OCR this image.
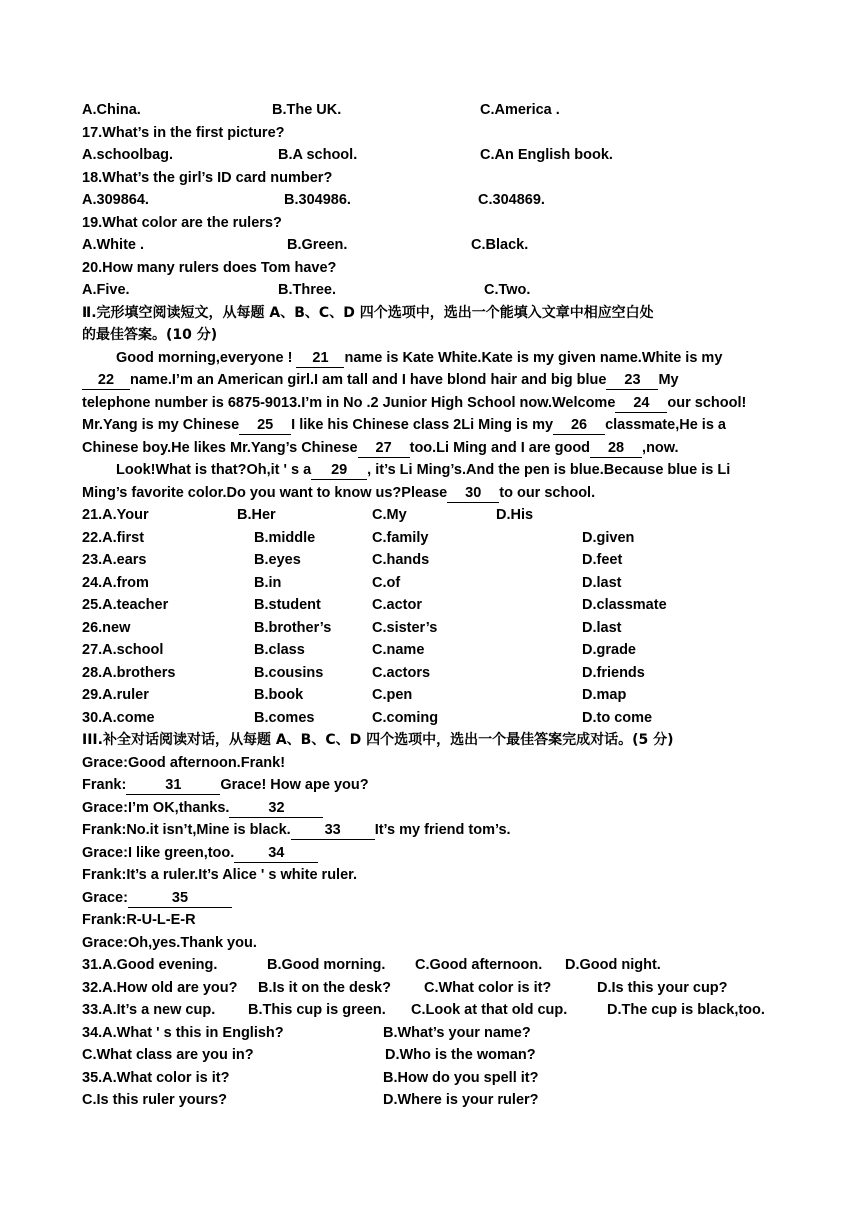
A.China.	B.The UK.	C.America .
17.What’s in the first picture?
A.schoolbag.	B.A school.	C.An English book.
18.What’s the girl’s ID card number?
A.309864.	B.304986.	C.304869.
19.What color are the rulers?
A.White .	B.Green.	C.Black.
20.How many rulers does Tom have?
A.Five.	B.Three.	C.Two.
Ⅱ.完形填空阅读短文，从每题 A、B、C、D 四个选项中，选出一个能填入文章中相应空白处
的最佳答案。(10 分)
Good morning,everyone ! 21 name is Kate White.Kate is my given name.White is my
22 name.I’m an American girl.I am tall and I have blond hair and big blue 23 My
telephone number is 6875-9013.I’m in No .2 Junior High School now.Welcome 24 our school!
Mr.Yang is my Chinese 25 I like his Chinese class 2Li Ming is my 26 classmate,He is a
Chinese boy.He likes Mr.Yang’s Chinese 27 too.Li Ming and I are good 28 ,now.
Look!What is that?Oh,it ' s a 29 , it’s Li Ming’s.And the pen is blue.Because blue is Li
Ming’s favorite color.Do you want to know us?Please 30 to our school.
21.A.Your	B.Her	C.My	D.His
22.A.first	B.middle	C.family	D.given
23.A.ears	B.eyes	C.hands	D.feet
24.A.from	B.in	C.of	D.last
25.A.teacher	B.student	C.actor	D.classmate
26.new	B.brother’s	C.sister’s	D.last
27.A.school	B.class	C.name	D.grade
28.A.brothers	B.cousins	C.actors	D.friends
29.A.ruler	B.book	C.pen	D.map
30.A.come	B.comes	C.coming	D.to come
III.补全对话阅读对话，从每题 A、B、C、D 四个选项中，选出一个最佳答案完成对话。(5 分)
Grace:Good afternoon.Frank!
Frank:	31	Grace! How ape you?
Grace:I’m OK,thanks.	32
Frank:No.it isn’t,Mine is black. 33 It’s my friend tom’s.
Grace:I like green,too. 34
Frank:It’s a ruler.It’s Alice ' s white ruler.
Grace:	35
Frank:R-U-L-E-R
Grace:Oh,yes.Thank you.
31.A.Good evening.	B.Good morning. C.Good afternoon. D.Good night.
32.A.How old are you? B.Is it on the desk? C.What color is it?	D.Is this your cup?
33.A.It’s a new cup. B.This cup is green. C.Look at that old cup.	D.The cup is black,too.
34.A.What ' s this in English?	B.What’s your name?
C.What class are you in?	D.Who is the woman?
35.A.What color is it?	B.How do you spell it?
C.Is this ruler yours?	D.Where is your ruler?
